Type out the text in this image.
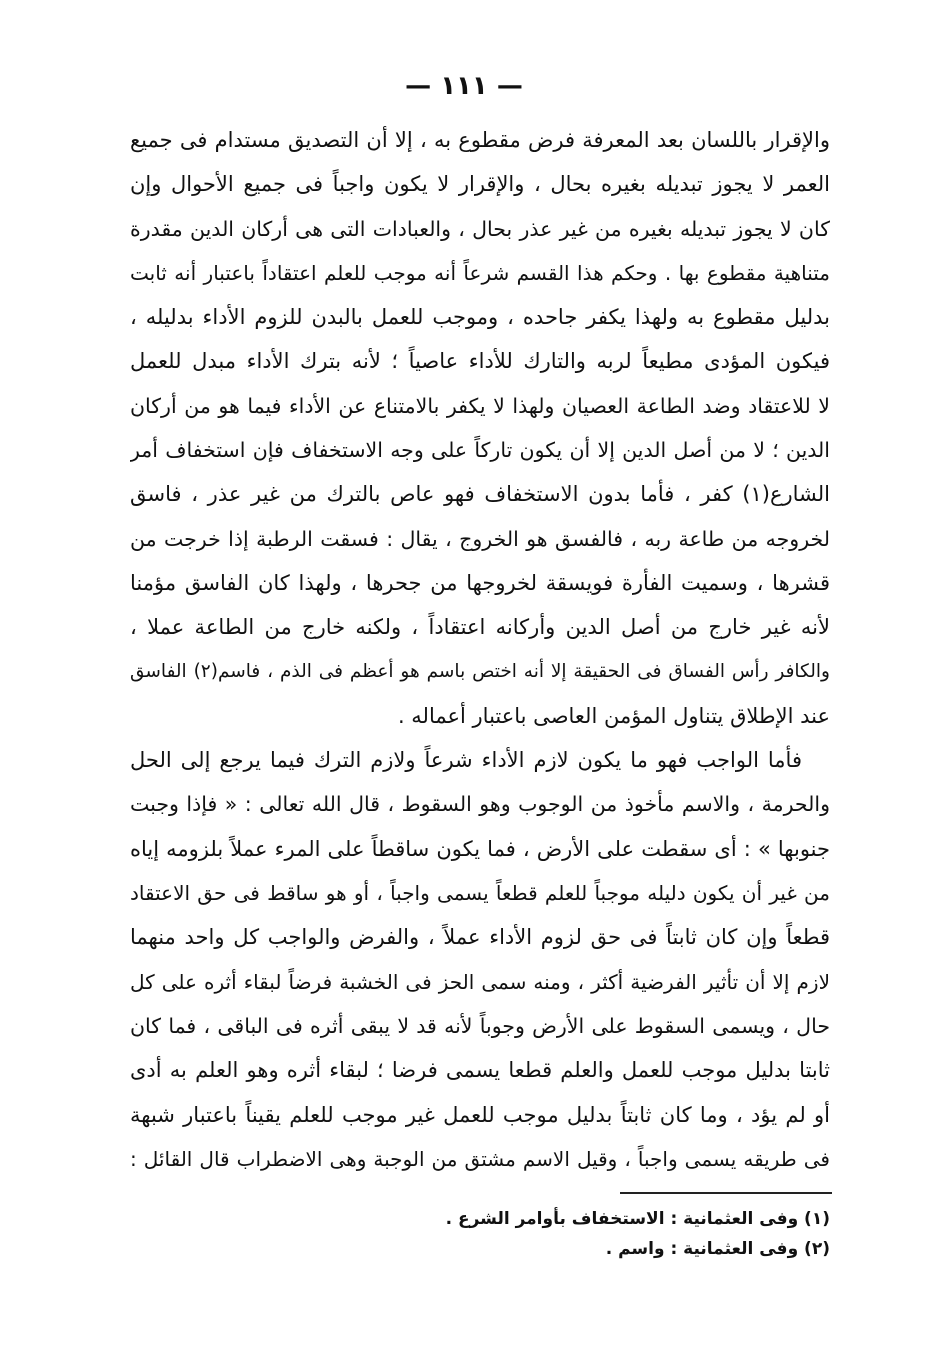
— ١١١ —
والإقرار باللسان بعد المعرفة فرض مقطوع به ، إلا أن التصديق مستدام فى جميع
العمر لا يجوز تبديله بغيره بحال ، والإقرار لا يكون واجباً فى جميع الأحوال وإن
كان لا يجوز تبديله بغيره من غير عذر بحال ، والعبادات التى هى أركان الدين مقدرة
متناهية مقطوع بها . وحكم هذا القسم شرعاً أنه موجب للعلم اعتقاداً باعتبار أنه ثابت
بدليل مقطوع به ولهذا يكفر جاحده ، وموجب للعمل بالبدن للزوم الأداء بدليله ،
فيكون المؤدى مطيعاً لربه والتارك للأداء عاصياً ؛ لأنه بترك الأداء مبدل للعمل
لا للاعتقاد وضد الطاعة العصيان ولهذا لا يكفر بالامتناع عن الأداء فيما هو من أركان
الدين ؛ لا من أصل الدين إلا أن يكون تاركاً على وجه الاستخفاف فإن استخفاف أمر
الشارع(١) كفر ، فأما بدون الاستخفاف فهو عاص بالترك من غير عذر ، فاسق
لخروجه من طاعة ربه ، فالفسق هو الخروج ، يقال : فسقت الرطبة إذا خرجت من
قشرها ، وسميت الفأرة فويسقة لخروجها من جحرها ، ولهذا كان الفاسق مؤمنا
لأنه غير خارج من أصل الدين وأركانه اعتقاداً ، ولكنه خارج من الطاعة عملا ،
والكافر رأس الفساق فى الحقيقة إلا أنه اختص باسم هو أعظم فى الذم ، فاسم(٢) الفاسق
عند الإطلاق يتناول المؤمن العاصى باعتبار أعماله .
فأما الواجب فهو ما يكون لازم الأداء شرعاً ولازم الترك فيما يرجع إلى الحل
والحرمة ، والاسم مأخوذ من الوجوب وهو السقوط ، قال الله تعالى : « فإذا وجبت
جنوبها » : أى سقطت على الأرض ، فما يكون ساقطاً على المرء عملاً بلزومه إياه
من غير أن يكون دليله موجباً للعلم قطعاً يسمى واجباً ، أو هو ساقط فى حق الاعتقاد
قطعاً وإن كان ثابتاً فى حق لزوم الأداء عملاً ، والفرض والواجب كل واحد منهما
لازم إلا أن تأثير الفرضية أكثر ، ومنه سمى الحز فى الخشبة فرضاً لبقاء أثره على كل
حال ، ويسمى السقوط على الأرض وجوباً لأنه قد لا يبقى أثره فى الباقى ، فما كان
ثابتا بدليل موجب للعمل والعلم قطعا يسمى فرضا ؛ لبقاء أثره وهو العلم به أدى
أو لم يؤد ، وما كان ثابتاً بدليل موجب للعمل غير موجب للعلم يقيناً باعتبار شبهة
فى طريقه يسمى واجباً ، وقيل الاسم مشتق من الوجبة وهى الاضطراب قال القائل :
(١) وفى العثمانية : الاستخفاف بأوامر الشرع .
(٢) وفى العثمانية : واسم .
